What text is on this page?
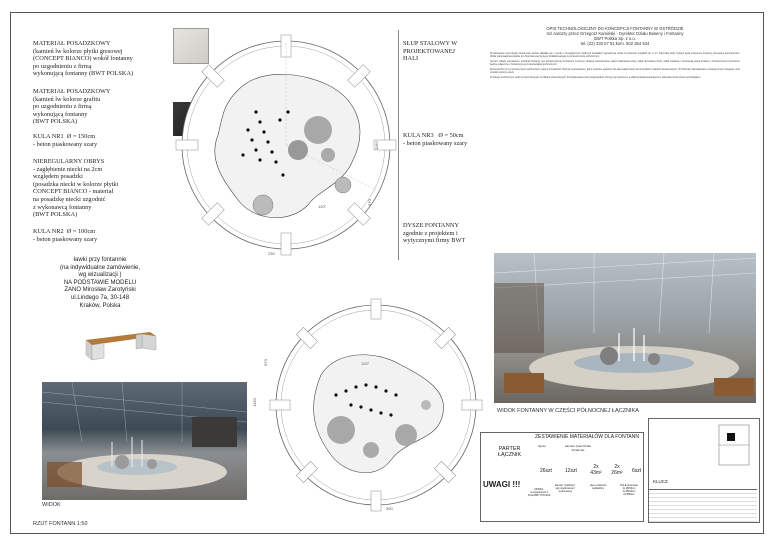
MATERIAŁ POSADZKOWY
(kamień lw kolorze płytki gresowej
(CONCEPT BIANCO) wokół fontanny
po uzgodnieniu z firmą
wykonującą fontanny (BWT POLSKA)
MATERIAŁ POSADZKOWY
(kamień lw kolorze grafitu
po uzgodnieniu z firmą
wykonującą fontanny
(BWT POLSKA)
KULA NR1  Ø = 150cm
- beton piaskowany szary
NIEREGULARNY OBRYS
- zagłębienie niecki na 2cm
względem posadzki
(posadzka niecki w kolorze płytki
CONCEPT BIANCO - materiał
na posadzkę niecki uzgodnić
z wykonawcą fontanny
(BWT POLSKA)
KULA NR2  Ø = 100cm
- beton piaskowany szary
SŁUP STALOWY W
PROJEKTOWANEJ
HALI
KULA NR3   Ø = 50cm
- beton piaskowany szary
DYSZE FONTANNY
zgodnie z projektem i
wytycznymi firmy BWT
ławki przy fontannie
(na indywidualne zamówienie,
wg wizualizacji )
NA PODSTAWIE MODELU
ZANO Mirosław Zarotyński
ul.Lindego 7a, 30-148
Kraków, Polska
1160
230
120°
970
120°
300
1160
970
WIDOK
RZUT FONTANN 1:50
OPIS TECHNOLOGICZNY DO KONCEPCJI FONTANNY W OSTRÓDZIE
Inż.Autorzy przez Grzegorz Kamiński - Dyrektor Działu Baseny i Fontanny
BWT Polska Sp. z o.o.
tel. (22) 333 57 51 kom. 502 254 534

Projektowane technologie fontannowe będzie składało się z niecki o nieregularnych owalnych kształtach wypełnionej wodą na poziomie posadzki ok. 2 cm. Nad taflą wody tryskać będą strumienie fontanny sterowane komputerowo. Woda odprowadzana będzie do zbiornika retencyjnego zlokalizowanego w pomieszczeniu technicznym.

Sercem układu sterowania i zasilania fontanny jest pomieszczenie techniczne w którym zostaną zamontowane układ uzdatniania wody, układ dozowania wody, układ zasilania i sterowania pracą fontanny. Pomieszczenie techniczne będzie połączone z fontanną za pomocą kanałów technicznych.

Bezpośrednio przy pomieszczeniu technicznym należy przewidzieć zbiornik wyrównawczy, który powinien spełniać rolę akumulacji wody dla wszystkich urządzeń fontannowych. W zbiorniku zainstalowane zostaną pompy obiegowe oraz czujniki poziomu wody.

W obiegu technicznym woda oczyszczana jest na filtrach ciśnieniowych, dezynfekowana oraz podgrzewana. Pompy są wyciszone, a układ posiada automatyczne zabezpieczenia przed suchobiegiem.

WIDOK FONTANNY W CZĘŚCI PÓŁNOCNEJ ŁĄCZNIKA
ZESTAWIENIE MATERIAŁÓW DLA FONTANN
PARTER
ŁĄCZNIK
dysze	kamień (wierzchnia fontanna)
26szt	12szt
2x 43m²
2x 26m² 6szt
UWAGI !!!
MODEL:
w uzgodnieniu z
firmą BWT POLSKA
kamień "grafitowy"
wg uzgodnienia z
wykonawcą
płyt w odcieniu
wykładziny
KULE betonowe
2x Ø150cm
2x Ø100cm
2x Ø50cm
KLUCZ
